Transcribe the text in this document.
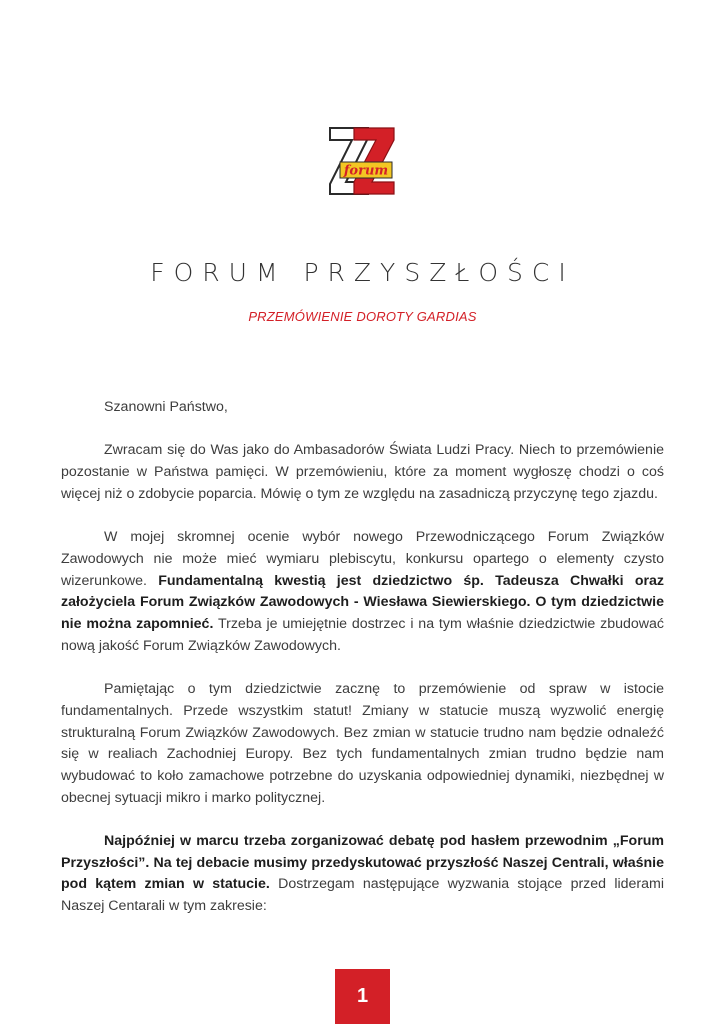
forum
FORUM PRZYSZŁOŚCI
PRZEMÓWIENIE DOROTY GARDIAS

Szanowni Państwo,

Zwracam się do Was jako do Ambasadorów Świata Ludzi Pracy. Niech to przemówienie pozostanie w Państwa pamięci. W przemówieniu, które za moment wygłoszę chodzi o coś więcej niż o zdobycie poparcia. Mówię o tym ze względu na zasadniczą przyczynę tego zjazdu.

W mojej skromnej ocenie wybór nowego Przewodniczącego Forum Związków Zawodowych nie może mieć wymiaru plebiscytu, konkursu opartego o elementy czysto wizerunkowe. Fundamentalną kwestią jest dziedzictwo śp. Tadeusza Chwałki oraz założyciela Forum Związków Zawodowych - Wiesława Siewierskiego. O tym dziedzictwie nie można zapomnieć. Trzeba je umiejętnie dostrzec i na tym właśnie dziedzictwie zbudować nową jakość Forum Związków Zawodowych.

Pamiętając o tym dziedzictwie zacznę to przemówienie od spraw w istocie fundamentalnych. Przede wszystkim statut! Zmiany w statucie muszą wyzwolić energię strukturalną Forum Związków Zawodowych. Bez zmian w statucie trudno nam będzie odnaleźć się w realiach Zachodniej Europy. Bez tych fundamentalnych zmian trudno będzie nam wybudować to koło zamachowe potrzebne do uzyskania odpowiedniej dynamiki, niezbędnej w obecnej sytuacji mikro i marko politycznej.

Najpóźniej w marcu trzeba zorganizować debatę pod hasłem przewodnim „Forum Przyszłości”. Na tej debacie musimy przedyskutować przyszłość Naszej Centrali, właśnie pod kątem zmian w statucie. Dostrzegam następujące wyzwania stojące przed liderami Naszej Centarali w tym zakresie:

1
